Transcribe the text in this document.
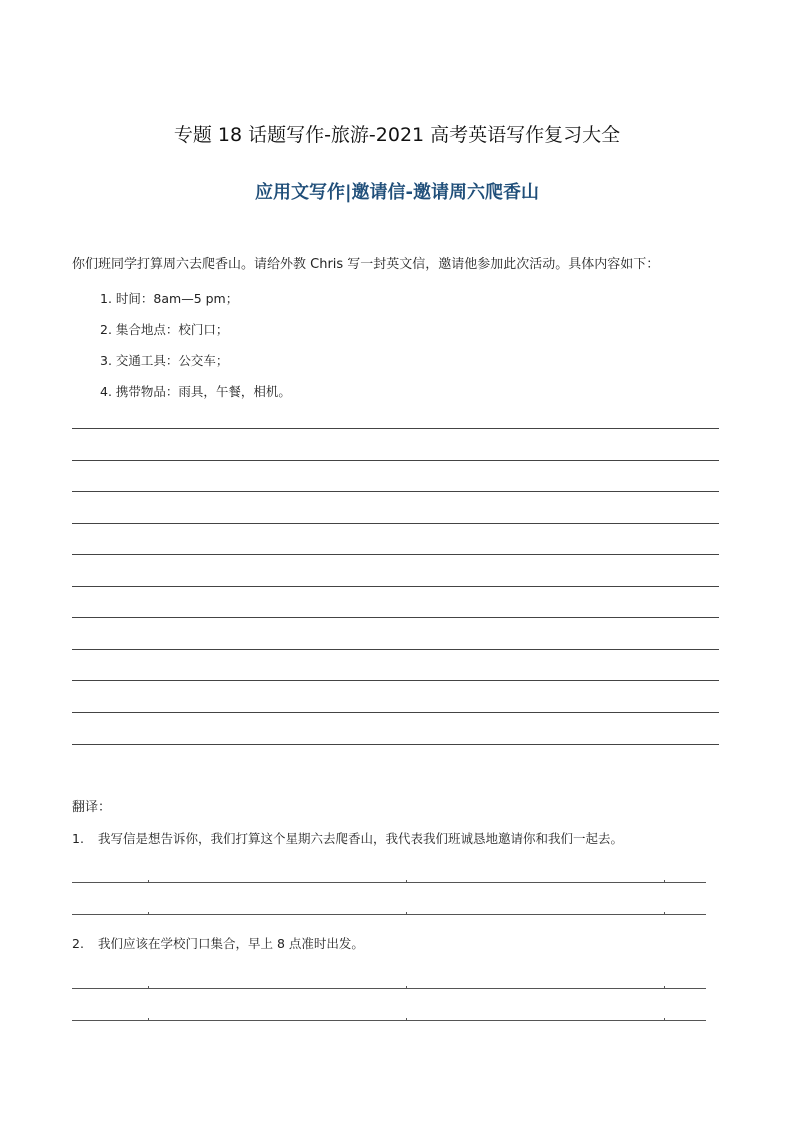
专题 18 话题写作-旅游-2021 高考英语写作复习大全
应用文写作|邀请信-邀请周六爬香山
你们班同学打算周六去爬香山。请给外教 Chris 写一封英文信，邀请他参加此次活动。具体内容如下：
1. 时间：8am—5 pm；
2. 集合地点：校门口；
3. 交通工具：公交车；
4. 携带物品：雨具，午餐，相机。
翻译：
1. 我写信是想告诉你，我们打算这个星期六去爬香山，我代表我们班诚恳地邀请你和我们一起去。
2. 我们应该在学校门口集合，早上 8 点准时出发。
